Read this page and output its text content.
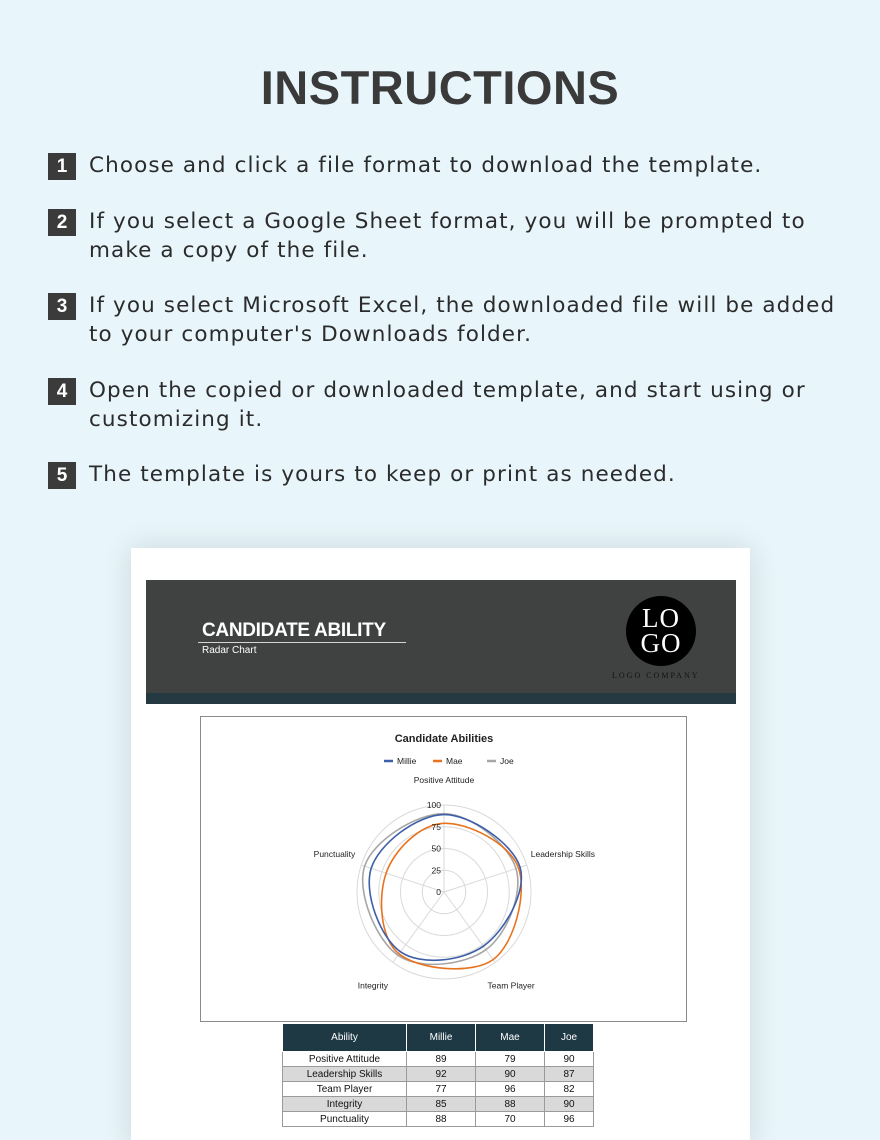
INSTRUCTIONS
1	Choose and click a file format to download the template.
2	If you select a Google Sheet format, you will be prompted to make a copy of the file.
3	If you select Microsoft Excel, the downloaded file will be added to your computer's Downloads folder.
4	Open the copied or downloaded template, and start using or customizing it.
5	The template is yours to keep or print as needed.
CANDIDATE ABILITY
Radar Chart
LO
GO
LOGO COMPANY
0
25
50
75
100
Positive Attitude
Leadership Skills
Team Player
Integrity
Punctuality
Candidate Abilities
Millie	Mae	Joe
Ability	Millie	Mae	Joe
Positive Attitude	89	79	90
Leadership Skills	92	90	87
Team Player	77	96	82
Integrity	85	88	90
Punctuality	88	70	96
